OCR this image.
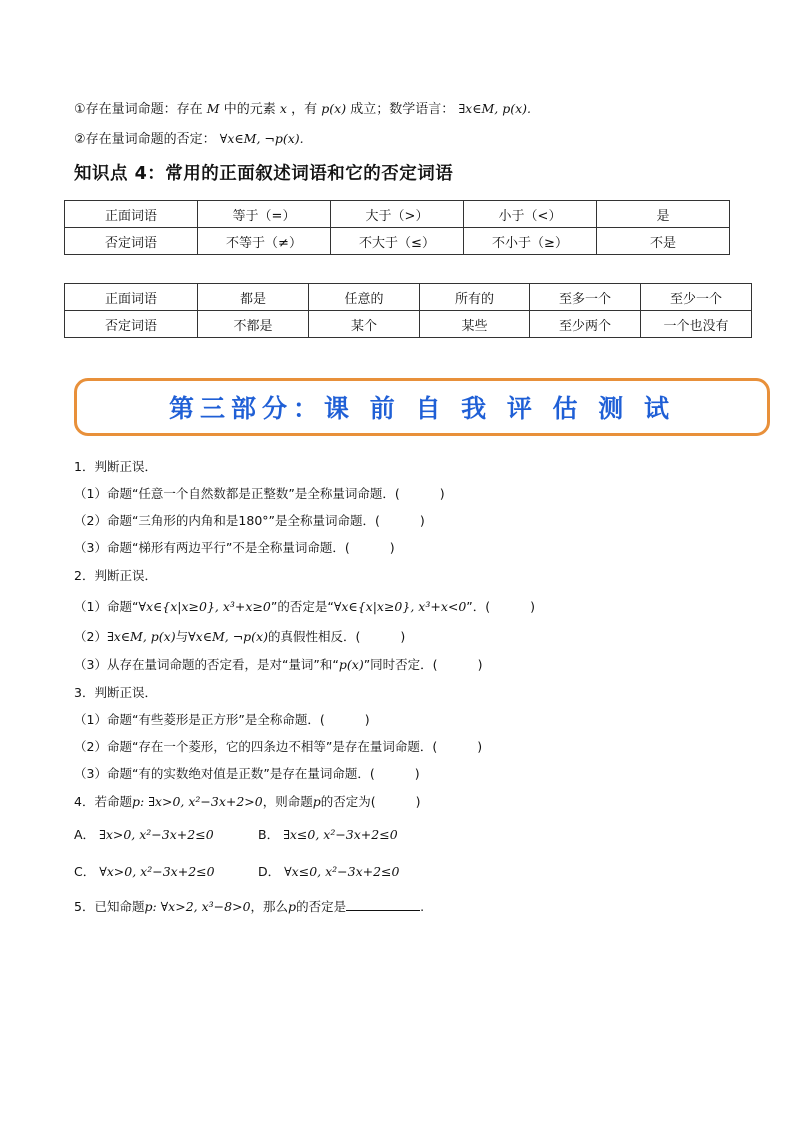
①存在量词命题：存在 M 中的元素 x ，有 p(x) 成立；数学语言： ∃x∈M, p(x).
②存在量词命题的否定： ∀x∈M, ¬p(x).
知识点 4：常用的正面叙述词语和它的否定词语
正面词语	等于（=）	大于（>）	小于（<）	是
否定词语	不等于（≠）	不大于（≤）	不小于（≥）	不是
正面词语	都是	任意的	所有的	至多一个	至少一个
否定词语	不都是	某个	某些	至少两个	一个也没有
第三部分：课 前 自 我 评 估 测 试
1．判断正误．
（1）命题“任意一个自然数都是正整数”是全称量词命题．(	)
（2）命题“三角形的内角和是180°”是全称量词命题．(	)
（3）命题“梯形有两边平行”不是全称量词命题．(	)
2．判断正误．
（1）命题“∀x∈{x|x≥0}, x³+x≥0”的否定是“∀x∈{x|x≥0}, x³+x<0”．(	)
（2）∃x∈M, p(x)与∀x∈M, ¬p(x)的真假性相反．(	)
（3）从存在量词命题的否定看，是对“量词”和“p(x)”同时否定．(	)
3．判断正误．
（1）命题“有些菱形是正方形”是全称命题．(	)
（2）命题“存在一个菱形，它的四条边不相等”是存在量词命题．(	)
（3）命题“有的实数绝对值是正数”是存在量词命题．(	)
4．若命题p: ∃x>0, x²−3x+2>0，则命题p的否定为(	)
A． ∃x>0, x²−3x+2≤0	B． ∃x≤0, x²−3x+2≤0
C． ∀x>0, x²−3x+2≤0	D． ∀x≤0, x²−3x+2≤0
5．已知命题p: ∀x>2, x³−8>0，那么p的否定是	.
